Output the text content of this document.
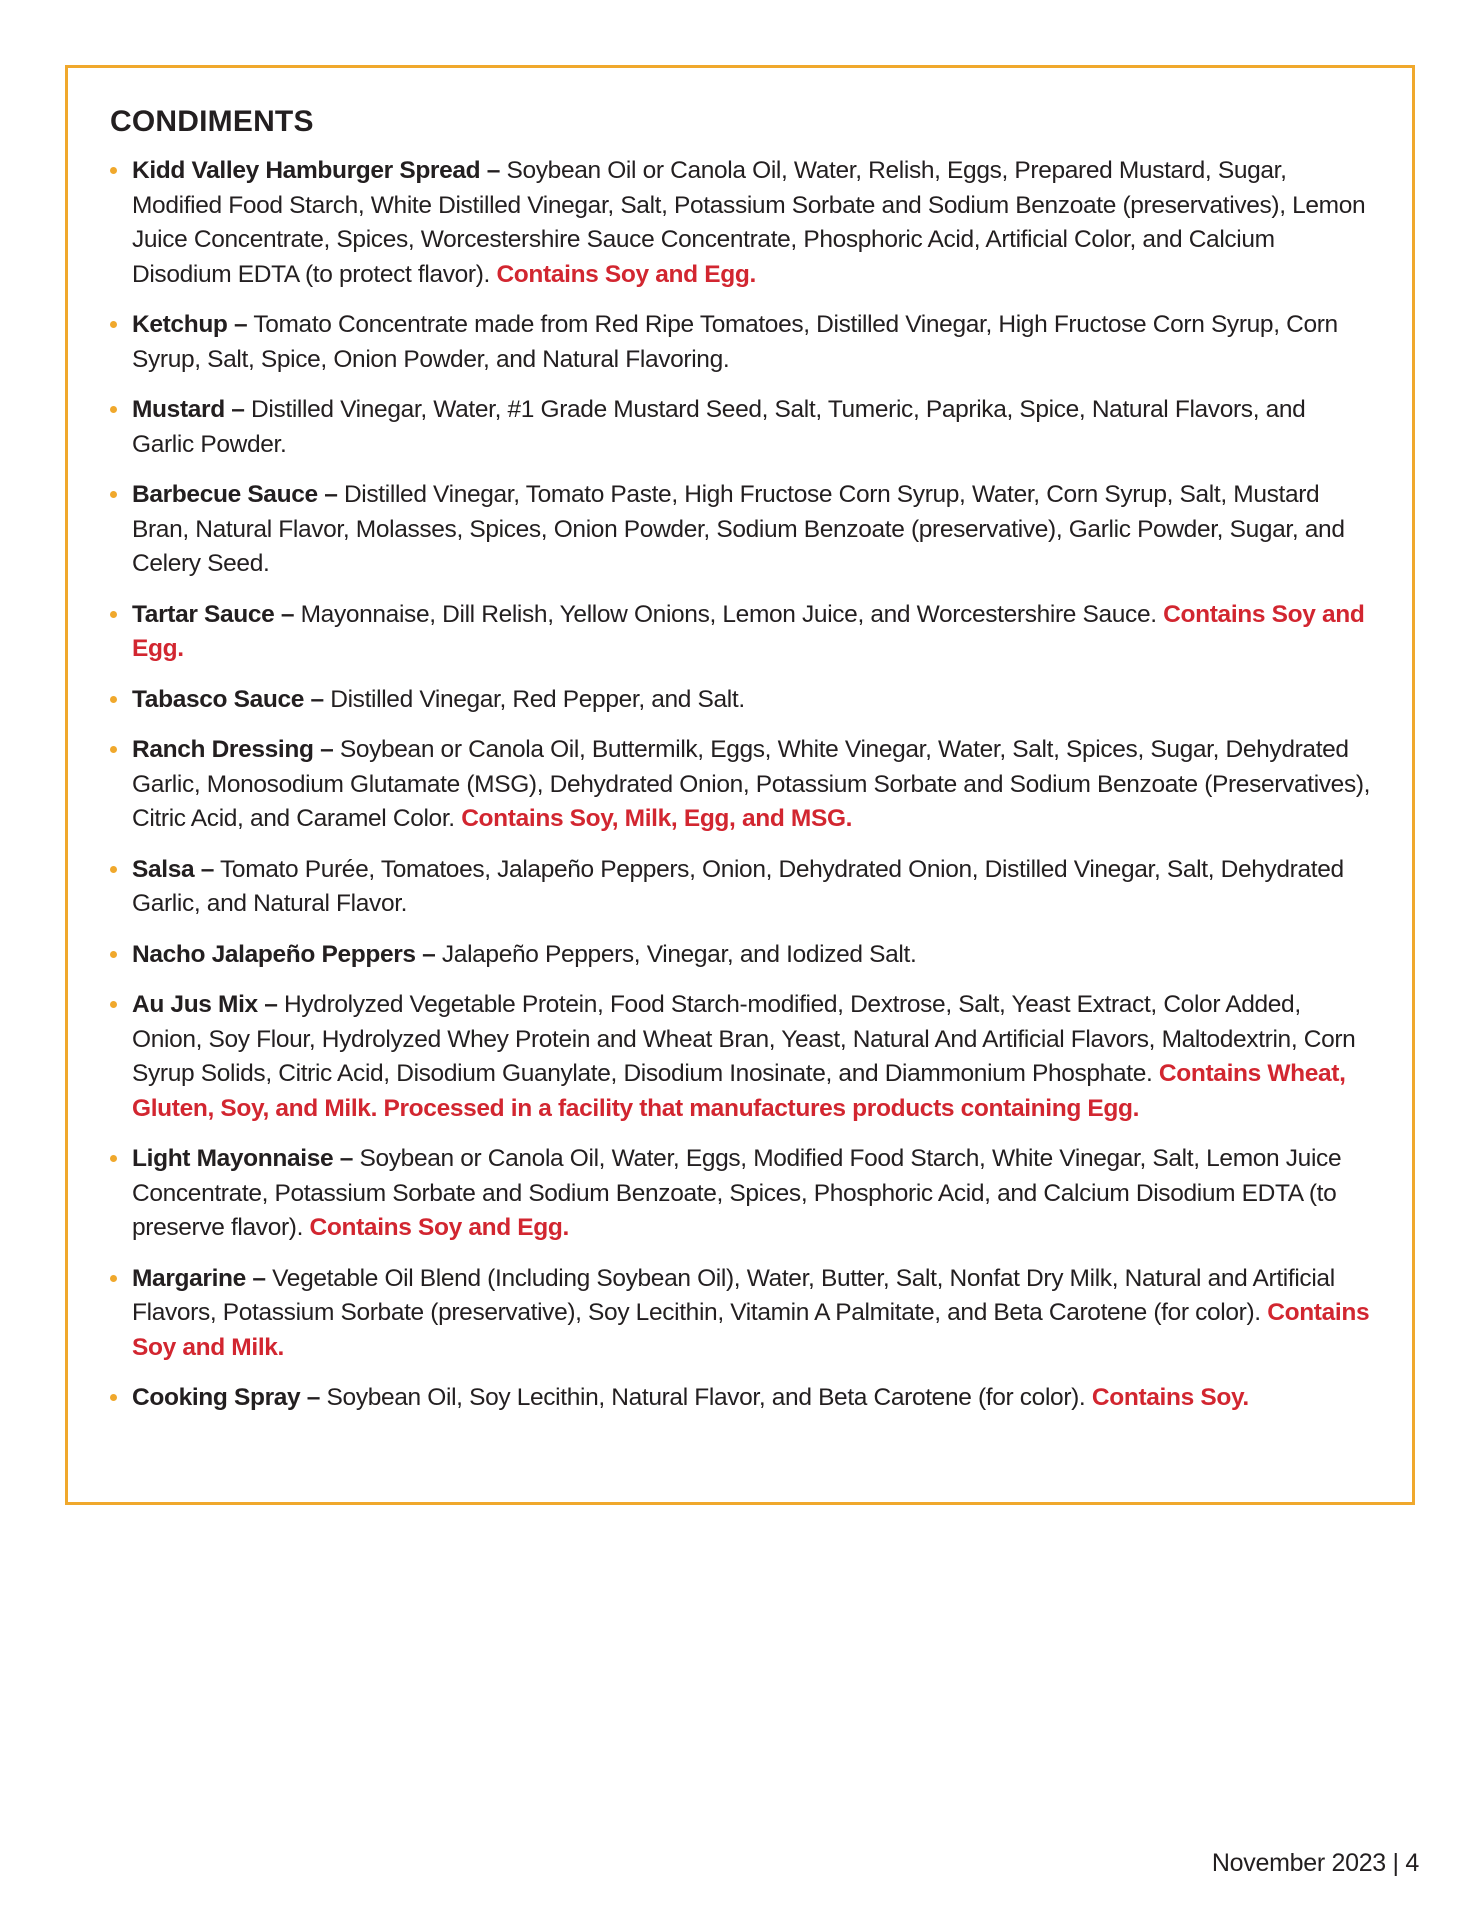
CONDIMENTS
Kidd Valley Hamburger Spread – Soybean Oil or Canola Oil, Water, Relish, Eggs, Prepared Mustard, Sugar, Modified Food Starch, White Distilled Vinegar, Salt, Potassium Sorbate and Sodium Benzoate (preservatives), Lemon Juice Concentrate, Spices, Worcestershire Sauce Concentrate, Phosphoric Acid, Artificial Color, and Calcium Disodium EDTA (to protect flavor). Contains Soy and Egg.
Ketchup – Tomato Concentrate made from Red Ripe Tomatoes, Distilled Vinegar, High Fructose Corn Syrup, Corn Syrup, Salt, Spice, Onion Powder, and Natural Flavoring.
Mustard – Distilled Vinegar, Water, #1 Grade Mustard Seed, Salt, Tumeric, Paprika, Spice, Natural Flavors, and Garlic Powder.
Barbecue Sauce – Distilled Vinegar, Tomato Paste, High Fructose Corn Syrup, Water, Corn Syrup, Salt, Mustard Bran, Natural Flavor, Molasses, Spices, Onion Powder, Sodium Benzoate (preservative), Garlic Powder, Sugar, and Celery Seed.
Tartar Sauce – Mayonnaise, Dill Relish, Yellow Onions, Lemon Juice, and Worcestershire Sauce. Contains Soy and Egg.
Tabasco Sauce – Distilled Vinegar, Red Pepper, and Salt.
Ranch Dressing – Soybean or Canola Oil, Buttermilk, Eggs, White Vinegar, Water, Salt, Spices, Sugar, Dehydrated Garlic, Monosodium Glutamate (MSG), Dehydrated Onion, Potassium Sorbate and Sodium Benzoate (Preservatives), Citric Acid, and Caramel Color. Contains Soy, Milk, Egg, and MSG.
Salsa – Tomato Purée, Tomatoes, Jalapeño Peppers, Onion, Dehydrated Onion, Distilled Vinegar, Salt, Dehydrated Garlic, and Natural Flavor.
Nacho Jalapeño Peppers – Jalapeño Peppers, Vinegar, and Iodized Salt.
Au Jus Mix – Hydrolyzed Vegetable Protein, Food Starch-modified, Dextrose, Salt, Yeast Extract, Color Added, Onion, Soy Flour, Hydrolyzed Whey Protein and Wheat Bran, Yeast, Natural And Artificial Flavors, Maltodextrin, Corn Syrup Solids, Citric Acid, Disodium Guanylate, Disodium Inosinate, and Diammonium Phosphate. Contains Wheat, Gluten, Soy, and Milk. Processed in a facility that manufactures products containing Egg.
Light Mayonnaise – Soybean or Canola Oil, Water, Eggs, Modified Food Starch, White Vinegar, Salt, Lemon Juice Concentrate, Potassium Sorbate and Sodium Benzoate, Spices, Phosphoric Acid, and Calcium Disodium EDTA (to preserve flavor). Contains Soy and Egg.
Margarine – Vegetable Oil Blend (Including Soybean Oil), Water, Butter, Salt, Nonfat Dry Milk, Natural and Artificial Flavors, Potassium Sorbate (preservative), Soy Lecithin, Vitamin A Palmitate, and Beta Carotene (for color). Contains Soy and Milk.
Cooking Spray – Soybean Oil, Soy Lecithin, Natural Flavor, and Beta Carotene (for color). Contains Soy.
November 2023 | 4
